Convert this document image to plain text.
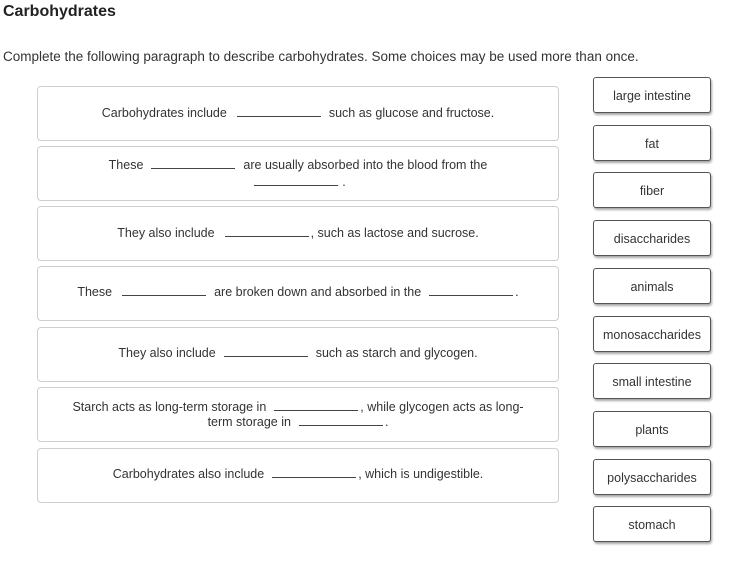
Carbohydrates
Complete the following paragraph to describe carbohydrates. Some choices may be used more than once.
Carbohydrates include	such as glucose and fructose.
These	are usually absorbed into the blood from the
.
They also include	, such as lactose and sucrose.
These	are broken down and absorbed in the	.
They also include	such as starch and glycogen.
Starch acts as long-term storage in	, while glycogen acts as long-
term storage in	.
Carbohydrates also include	, which is undigestible.
large intestine
fat
fiber
disaccharides
animals
monosaccharides
small intestine
plants
polysaccharides
stomach
